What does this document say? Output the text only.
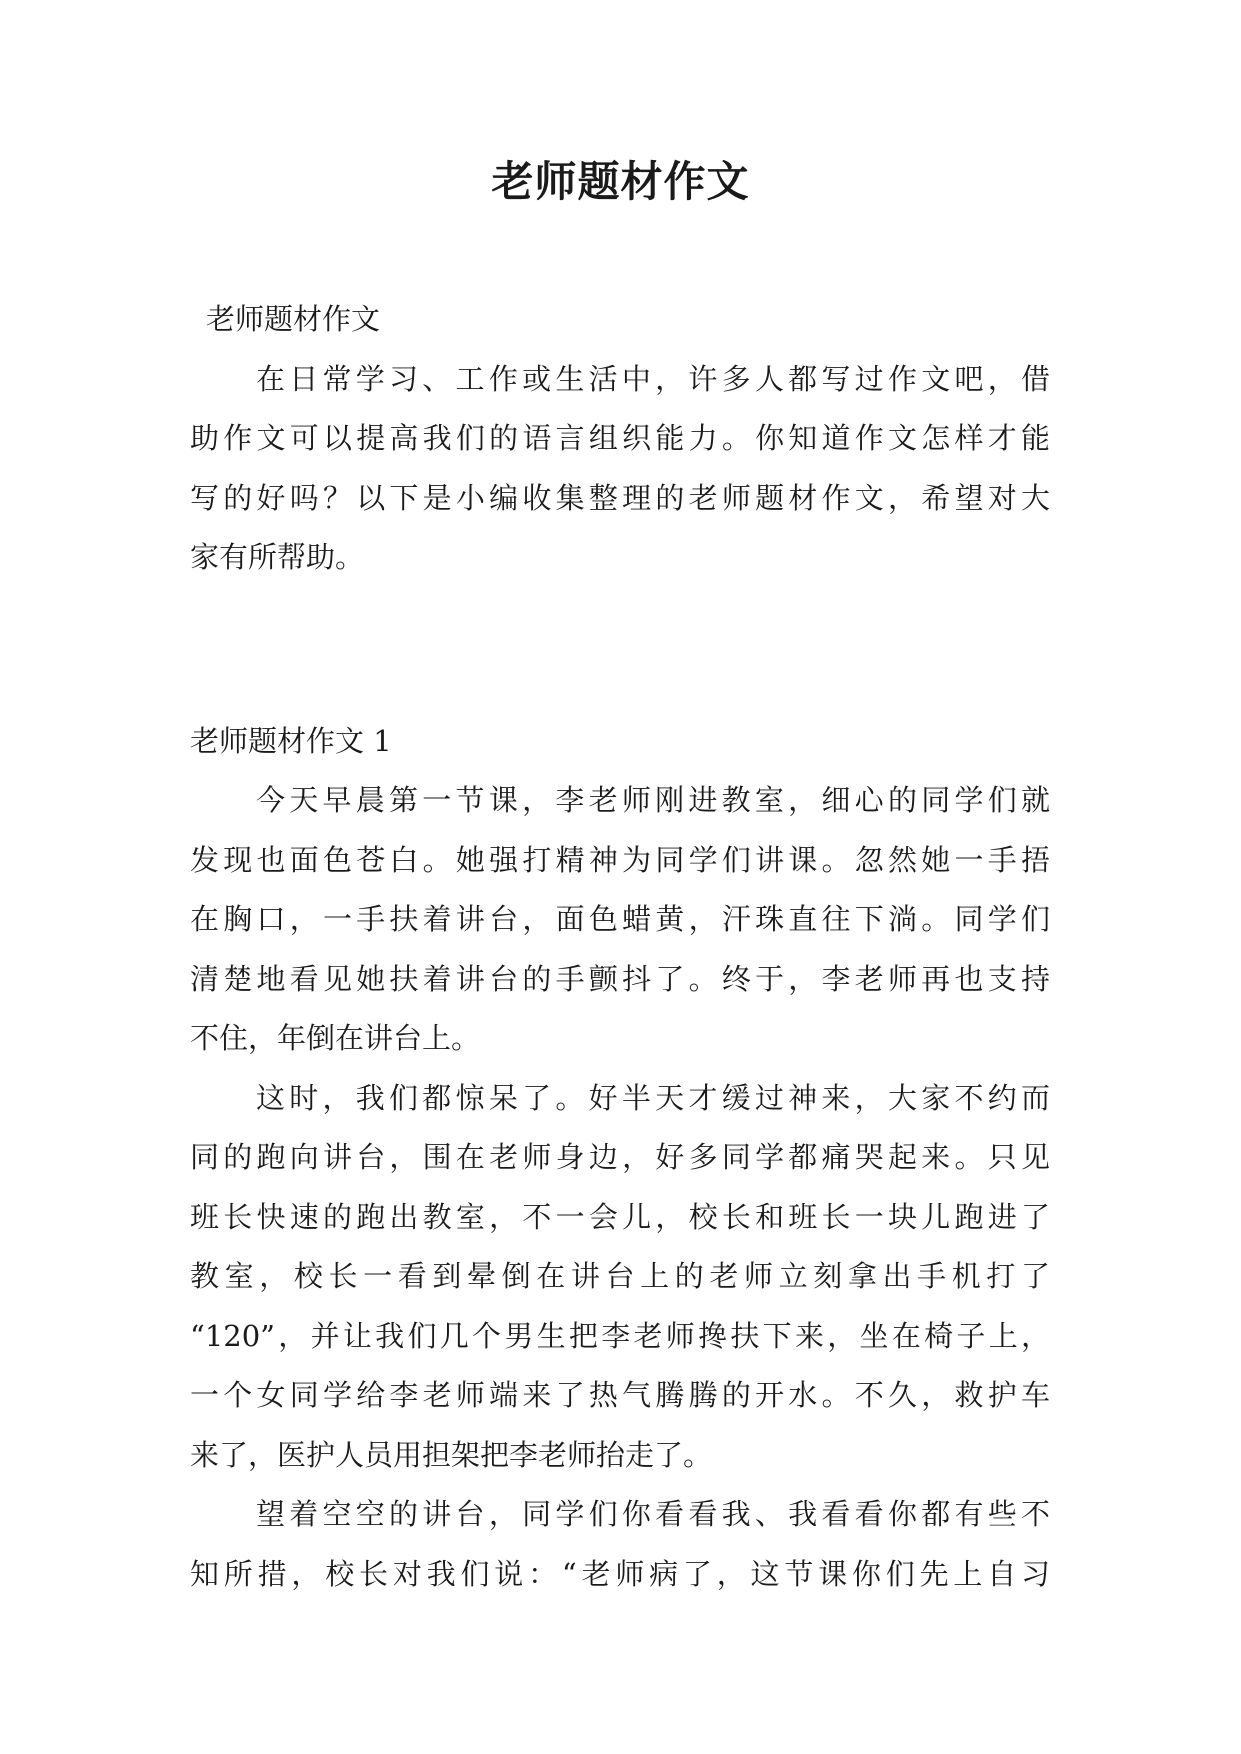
老师题材作文
老师题材作文
在日常学习、工作或生活中，许多人都写过作文吧，借
助作文可以提高我们的语言组织能力。你知道作文怎样才能
写的好吗？以下是小编收集整理的老师题材作文，希望对大
家有所帮助。
老师题材作文 1
今天早晨第一节课，李老师刚进教室，细心的同学们就
发现也面色苍白。她强打精神为同学们讲课。忽然她一手捂
在胸口，一手扶着讲台，面色蜡黄，汗珠直往下淌。同学们
清楚地看见她扶着讲台的手颤抖了。终于，李老师再也支持
不住，年倒在讲台上。
这时，我们都惊呆了。好半天才缓过神来，大家不约而
同的跑向讲台，围在老师身边，好多同学都痛哭起来。只见
班长快速的跑出教室，不一会儿，校长和班长一块儿跑进了
教室，校长一看到晕倒在讲台上的老师立刻拿出手机打了
“120”，并让我们几个男生把李老师搀扶下来，坐在椅子上，
一个女同学给李老师端来了热气腾腾的开水。不久，救护车
来了，医护人员用担架把李老师抬走了。
望着空空的讲台，同学们你看看我、我看看你都有些不
知所措，校长对我们说：“老师病了，这节课你们先上自习
